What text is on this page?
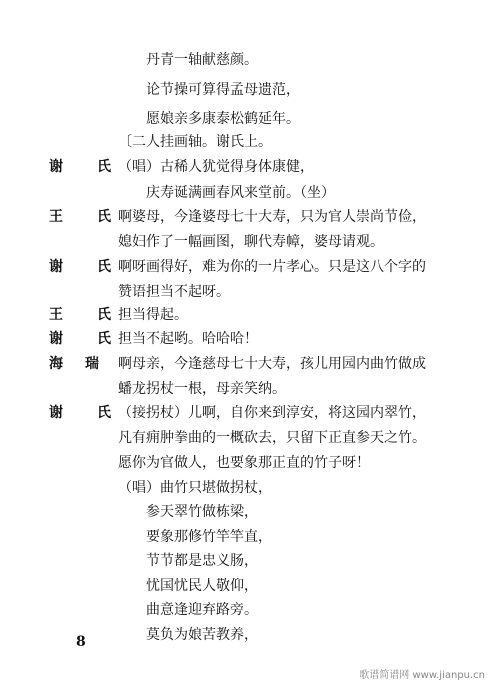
丹青一轴献慈颜。
论节操可算得孟母遗范，
愿娘亲多康泰松鹤延年。
〔二人挂画轴。谢氏上。
谢　氏
（唱）古稀人犹觉得身体康健，
庆寿诞满画春风来堂前。（坐）
王　氏
啊婆母，今逢婆母七十大寿，只为官人崇尚节俭，
媳妇作了一幅画图，聊代寿幛，婆母请观。
谢　氏
啊呀画得好，难为你的一片孝心。只是这八个字的
赞语担当不起呀。
王　氏
担当得起。
谢　氏
担当不起哟。哈哈哈！
海　瑞 啊母亲，今逢慈母七十大寿，孩儿用园内曲竹做成
蟠龙拐杖一根，母亲笑纳。
谢　氏
（接拐杖）儿啊，自你来到淳安，将这园内翠竹，
凡有痈肿拳曲的一概砍去，只留下正直参天之竹。
愿你为官做人，也要象那正直的竹子呀！
（唱）曲竹只堪做拐杖，
参天翠竹做栋梁，
要象那修竹竿竿直，
节节都是忠义肠，
忧国忧民人敬仰，
曲意逢迎弃路旁。
莫负为娘苦教养，
8
歌谱简谱网 www.jianpu.cn
